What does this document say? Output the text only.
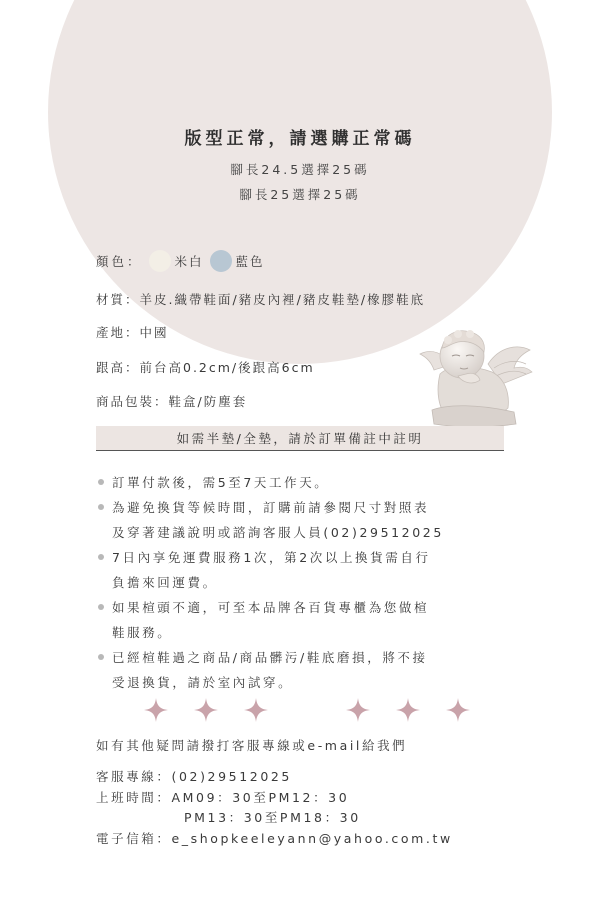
版型正常，請選購正常碼
腳長24.5選擇25碼
腳長25選擇25碼
顏色：	米白	藍色
材質：羊皮.織帶鞋面/豬皮內裡/豬皮鞋墊/橡膠鞋底
產地：中國
跟高：前台高0.2cm/後跟高6cm
商品包裝：鞋盒/防塵套
如需半墊/全墊，請於訂單備註中註明
訂單付款後，需5至7天工作天。
為避免換貨等候時間，訂購前請參閱尺寸對照表
及穿著建議說明或諮詢客服人員(02)29512025
7日內享免運費服務1次，第2次以上換貨需自行
負擔來回運費。
如果楦頭不適，可至本品牌各百貨專櫃為您做楦
鞋服務。
已經楦鞋過之商品/商品髒污/鞋底磨損，將不接
受退換貨，請於室內試穿。

如有其他疑問請撥打客服專線或e-mail給我們
客服專線：(02)29512025
上班時間：AM09：30至PM12：30
PM13：30至PM18：30
電子信箱：e_shopkeeleyann@yahoo.com.tw
